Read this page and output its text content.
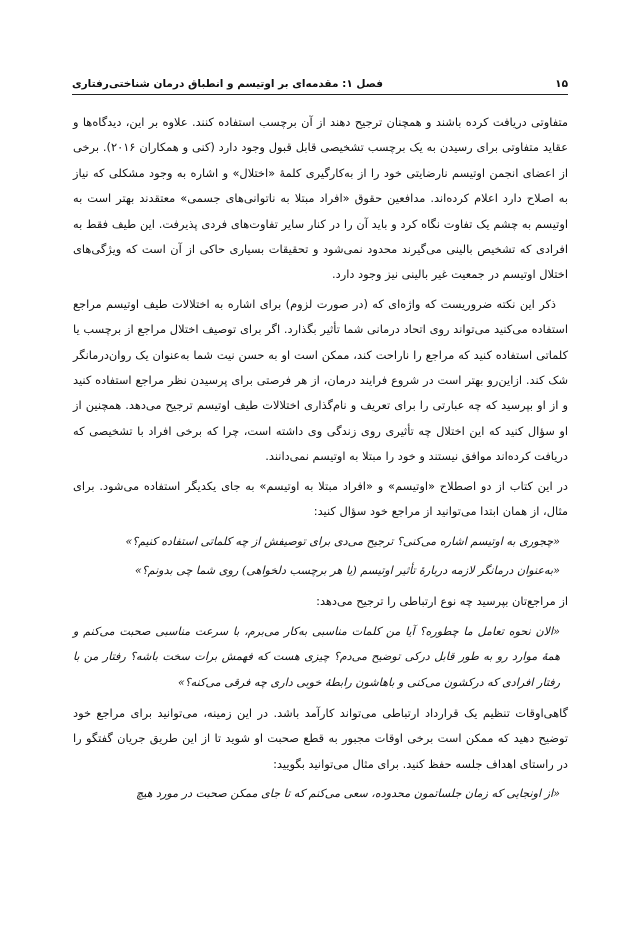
۱۵
فصل ۱: مقدمه‌ای بر اوتیسم و انطباق درمان شناختی‌رفتاری

متفاوتی دریافت کرده باشند و همچنان ترجیح دهند از آن برچسب استفاده کنند. علاوه بر این، دیدگاه‌ها و عقاید متفاوتی برای رسیدن به یک برچسب تشخیصی قابل قبول وجود دارد (کنی و همکاران ۲۰۱۶). برخی از اعضای انجمن اوتیسم نارضایتی خود را از به‌کارگیری کلمهٔ «اختلال» و اشاره به وجود مشکلی که نیاز به اصلاح دارد اعلام کرده‌اند. مدافعین حقوق «افراد مبتلا به ناتوانی‌های جسمی» معتقدند بهتر است به اوتیسم به چشم یک تفاوت نگاه کرد و باید آن را در کنار سایر تفاوت‌های فردی پذیرفت. این طیف فقط به افرادی که تشخیص بالینی می‌گیرند محدود نمی‌شود و تحقیقات بسیاری حاکی از آن است که ویژگی‌های اختلال اوتیسم در جمعیت غیر بالینی نیز وجود دارد.

ذکر این نکته ضروریست که واژه‌ای که (در صورت لزوم) برای اشاره به اختلالات طیف اوتیسم مراجع استفاده می‌کنید می‌تواند روی اتحاد درمانی شما تأثیر بگذارد. اگر برای توصیف اختلال مراجع از برچسب یا کلماتی استفاده کنید که مراجع را ناراحت کند، ممکن است او به حسن نیت شما به‌عنوان یک روان‌درمانگر شک کند. ازاین‌رو بهتر است در شروع فرایند درمان، از هر فرصتی برای پرسیدن نظر مراجع استفاده کنید و از او بپرسید که چه عبارتی را برای تعریف و نام‌گذاری اختلالات طیف اوتیسم ترجیح می‌دهد. همچنین از او سؤال کنید که این اختلال چه تأثیری روی زندگی وی داشته است، چرا که برخی افراد با تشخیصی که دریافت کرده‌اند موافق نیستند و خود را مبتلا به اوتیسم نمی‌دانند.

در این کتاب از دو اصطلاح «اوتیسم» و «افراد مبتلا به اوتیسم» به جای یکدیگر استفاده می‌شود. برای مثال، از همان ابتدا می‌توانید از مراجع خود سؤال کنید:

«چجوری به اوتیسم اشاره می‌کنی؟ ترجیح می‌دی برای توصیفش از چه کلماتی استفاده کنیم؟»

«به‌عنوان درمانگر لازمه دربارهٔ تأثیر اوتیسم (یا هر برچسب دلخواهی) روی شما چی بدونم؟»

از مراجع‌تان بپرسید چه نوع ارتباطی را ترجیح می‌دهد:

«الان نحوه تعامل ما چطوره؟ آیا من کلمات مناسبی به‌کار می‌برم، با سرعت مناسبی صحبت می‌کنم و همهٔ موارد رو به طور قابل درکی توضیح می‌دم؟ چیزی هست که فهمش برات سخت باشه؟ رفتار من با رفتار افرادی که درکشون می‌کنی و باهاشون رابطهٔ خوبی داری چه فرقی می‌کنه؟»

گاهی‌اوقات تنظیم یک قرارداد ارتباطی می‌تواند کارآمد باشد. در این زمینه، می‌توانید برای مراجع خود توضیح دهید که ممکن است برخی اوقات مجبور به قطع صحبت او شوید تا از این طریق جریان گفتگو را در راستای اهداف جلسه حفظ کنید. برای مثال می‌توانید بگویید:

«از اونجایی که زمان جلساتمون محدوده، سعی می‌کنم که تا جای ممکن صحبت در مورد هیچ
